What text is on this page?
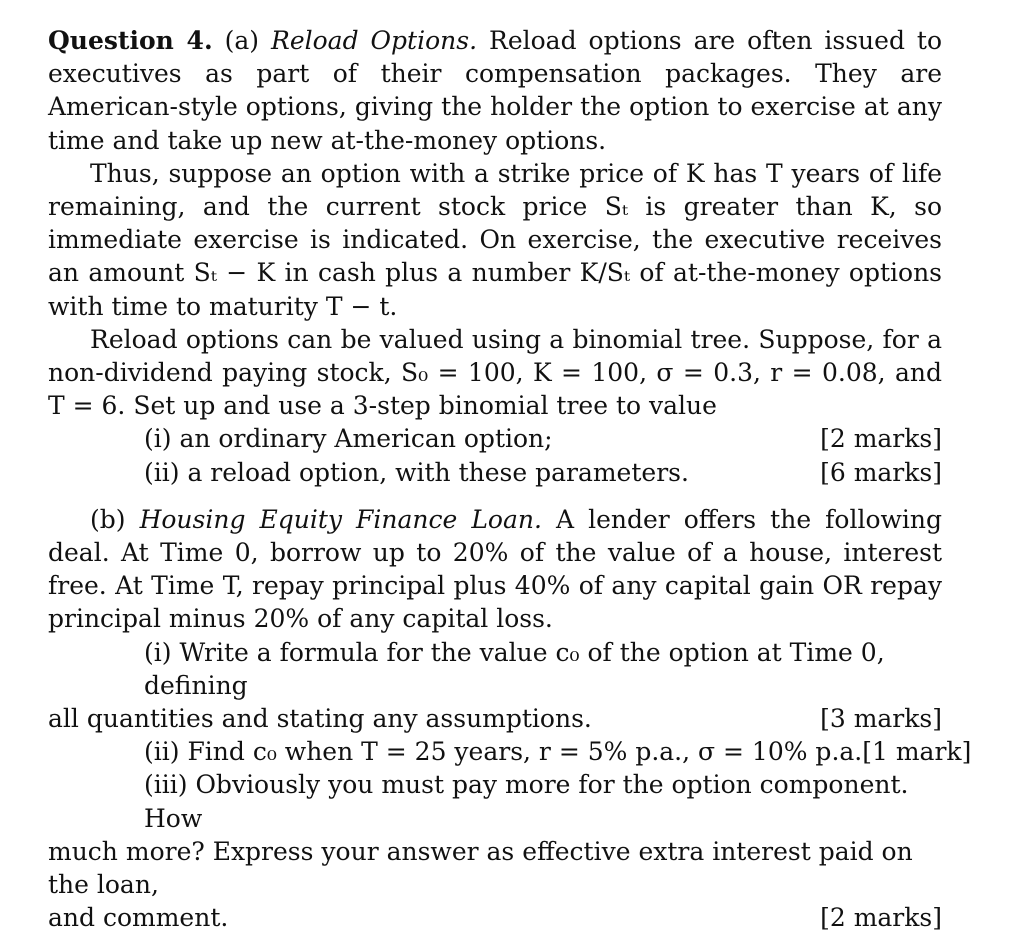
Question 4. (a) Reload Options. Reload options are often issued to executives as part of their compensation packages. They are American-style options, giving the holder the option to exercise at any time and take up new at-the-money options.

Thus, suppose an option with a strike price of K has T years of life remaining, and the current stock price Sₜ is greater than K, so immediate exercise is indicated. On exercise, the executive receives an amount Sₜ − K in cash plus a number K/Sₜ of at-the-money options with time to maturity T − t.

Reload options can be valued using a binomial tree. Suppose, for a non-dividend paying stock, S₀ = 100, K = 100, σ = 0.3, r = 0.08, and T = 6. Set up and use a 3-step binomial tree to value

(i) an ordinary American option;	[2 marks]
(ii) a reload option, with these parameters.	[6 marks]

(b) Housing Equity Finance Loan. A lender offers the following deal. At Time 0, borrow up to 20% of the value of a house, interest free. At Time T, repay principal plus 40% of any capital gain OR repay principal minus 20% of any capital loss.

(i) Write a formula for the value c₀ of the option at Time 0, defining
all quantities and stating any assumptions.	[3 marks]
(ii) Find c₀ when T = 25 years, r = 5% p.a., σ = 10% p.a. [1 mark]
(iii) Obviously you must pay more for the option component. How
much more? Express your answer as effective extra interest paid on the loan,
and comment.	[2 marks]
